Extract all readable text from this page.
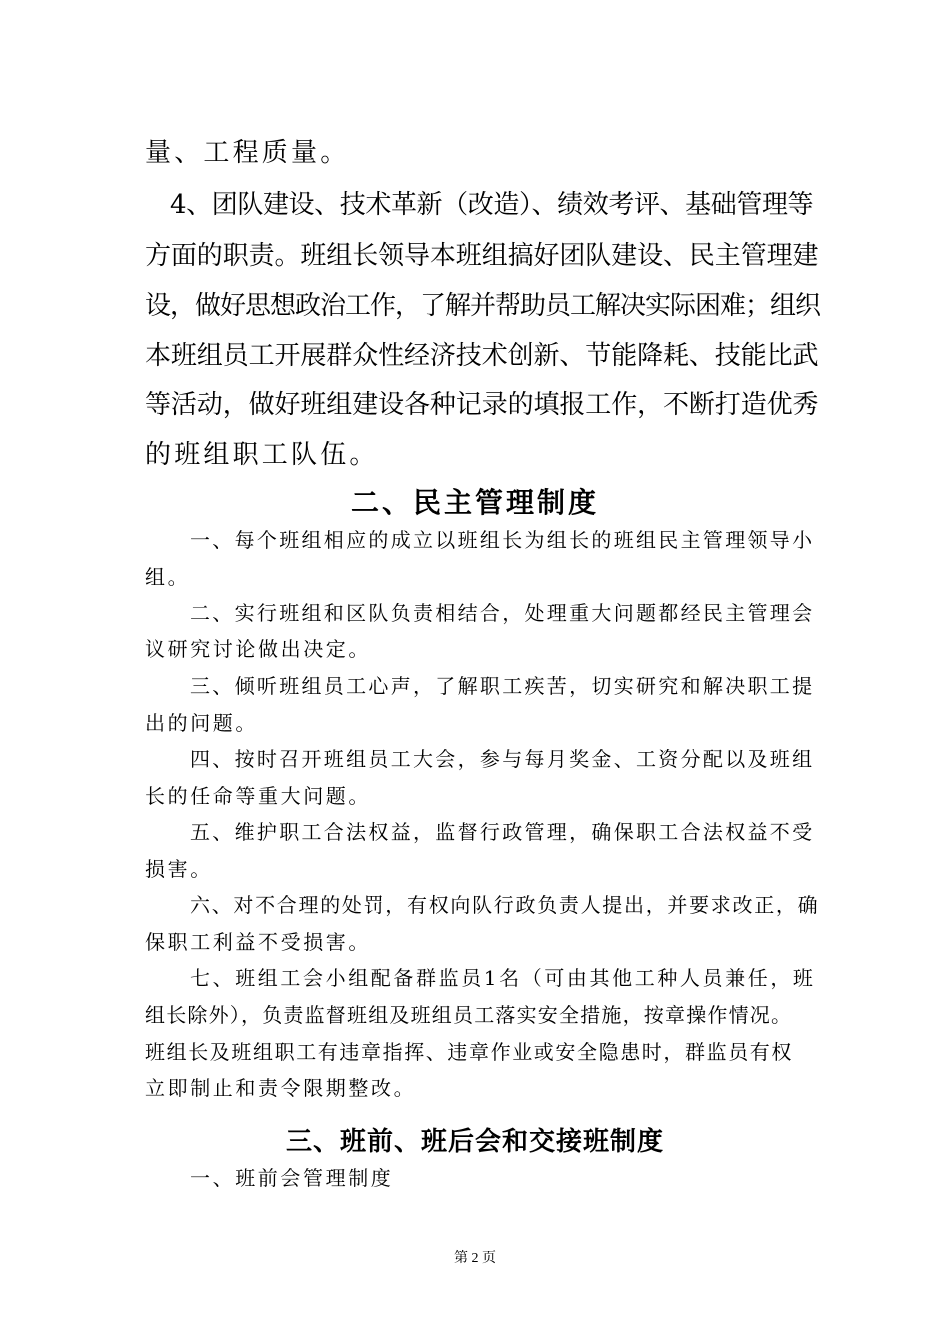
量、工程质量。

4、团队建设、技术革新（改造）、绩效考评、基础管理等

方面的职责。班组长领导本班组搞好团队建设、民主管理建

设，做好思想政治工作，了解并帮助员工解决实际困难；组织

本班组员工开展群众性经济技术创新、节能降耗、技能比武

等活动，做好班组建设各种记录的填报工作，不断打造优秀

的班组职工队伍。

二、民主管理制度

一、每个班组相应的成立以班组长为组长的班组民主管理领导小

组。

二、实行班组和区队负责相结合，处理重大问题都经民主管理会

议研究讨论做出决定。

三、倾听班组员工心声，了解职工疾苦，切实研究和解决职工提

出的问题。

四、按时召开班组员工大会，参与每月奖金、工资分配以及班组

长的任命等重大问题。

五、维护职工合法权益，监督行政管理，确保职工合法权益不受

损害。

六、对不合理的处罚，有权向队行政负责人提出，并要求改正，确

保职工利益不受损害。

七、班组工会小组配备群监员1名（可由其他工种人员兼任，班

组长除外），负责监督班组及班组员工落实安全措施，按章操作情况。

班组长及班组职工有违章指挥、违章作业或安全隐患时，群监员有权

立即制止和责令限期整改。

三、班前、班后会和交接班制度

一、班前会管理制度

第 2 页
